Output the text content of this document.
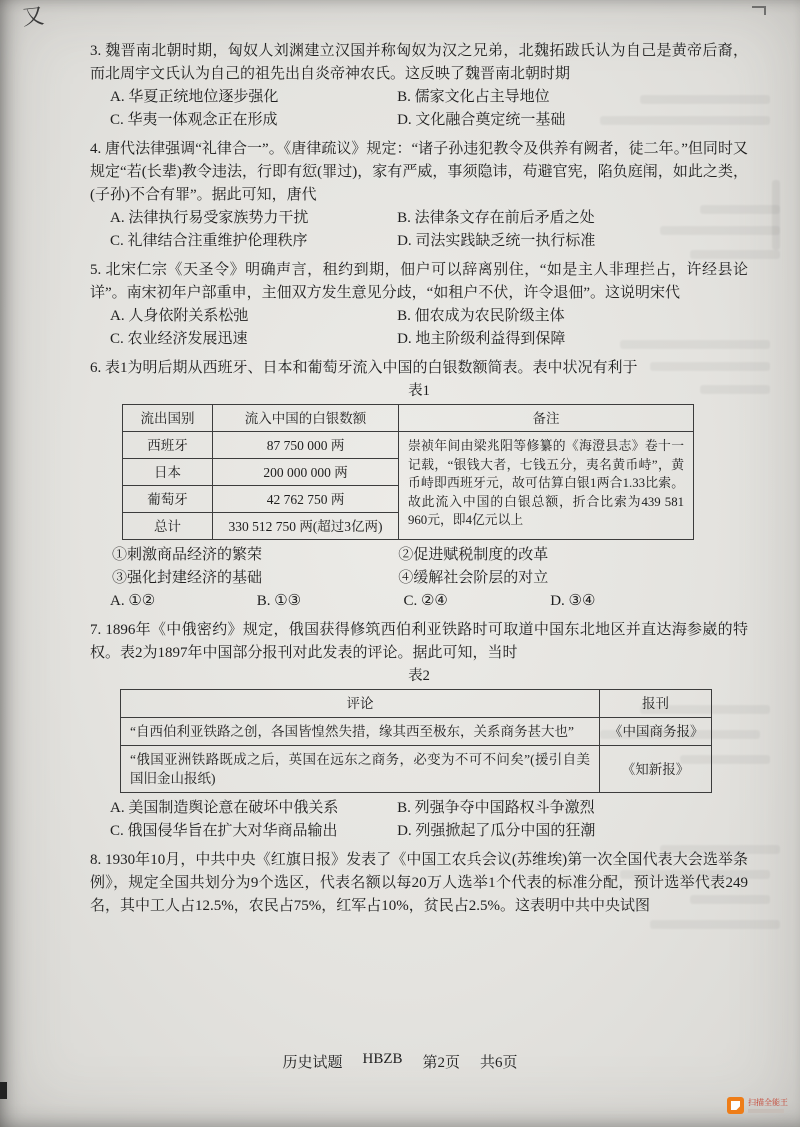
又

3. 魏晋南北朝时期，匈奴人刘渊建立汉国并称匈奴为汉之兄弟，北魏拓跋氏认为自己是黄帝后裔，而北周宇文氏认为自己的祖先出自炎帝神农氏。这反映了魏晋南北朝时期

A. 华夏正统地位逐步强化	B. 儒家文化占主导地位
C. 华夷一体观念正在形成	D. 文化融合奠定统一基础

4. 唐代法律强调“礼律合一”。《唐律疏议》规定：“诸子孙违犯教令及供养有阙者，徒二年。”但同时又规定“若(长辈)教令违法，行即有愆(罪过)，家有严威，事须隐讳，苟避官宪，陷负庭闱，如此之类，(子孙)不合有罪”。据此可知，唐代

A. 法律执行易受家族势力干扰	B. 法律条文存在前后矛盾之处
C. 礼律结合注重维护伦理秩序	D. 司法实践缺乏统一执行标准

5. 北宋仁宗《天圣令》明确声言，租约到期，佃户可以辞离别住，“如是主人非理拦占，许经县论详”。南宋初年户部重申，主佃双方发生意见分歧，“如租户不伏，许令退佃”。这说明宋代

A. 人身依附关系松弛	B. 佃农成为农民阶级主体
C. 农业经济发展迅速	D. 地主阶级利益得到保障

6. 表1为明后期从西班牙、日本和葡萄牙流入中国的白银数额简表。表中状况有利于

表1
流出国别	流入中国的白银数额	备注
西班牙	87 750 000 两	崇祯年间由梁兆阳等修纂的《海澄县志》卷十一记载，“银钱大者，七钱五分，夷名黄币峙”，黄币峙即西班牙元，故可估算白银1两合1.33比索。故此流入中国的白银总额，折合比索为439 581 960元，即4亿元以上
日本	200 000 000 两	
葡萄牙	42 762 750 两	
总计	330 512 750 两(超过3亿两)	
①刺激商品经济的繁荣	②促进赋税制度的改革
③强化封建经济的基础	④缓解社会阶层的对立
A. ①②	B. ①③	C. ②④	D. ③④

7. 1896年《中俄密约》规定，俄国获得修筑西伯利亚铁路时可取道中国东北地区并直达海参崴的特权。表2为1897年中国部分报刊对此发表的评论。据此可知，当时

表2
评论	报刊
“自西伯利亚铁路之创，各国皆惶然失措，缘其西至极东，关系商务甚大也”	《中国商务报》
“俄国亚洲铁路既成之后，英国在远东之商务，必变为不可不问矣”(援引自美国旧金山报纸)	《知新报》
A. 美国制造舆论意在破坏中俄关系	B. 列强争夺中国路权斗争激烈
C. 俄国侵华旨在扩大对华商品输出	D. 列强掀起了瓜分中国的狂潮

8. 1930年10月，中共中央《红旗日报》发表了《中国工农兵会议(苏维埃)第一次全国代表大会选举条例》，规定全国共划分为9个选区，代表名额以每20万人选举1个代表的标准分配，预计选举代表249名，其中工人占12.5%，农民占75%，红军占10%，贫民占2.5%。这表明中共中央试图

历史试题 HBZB 第2页 共6页
扫描全能王
